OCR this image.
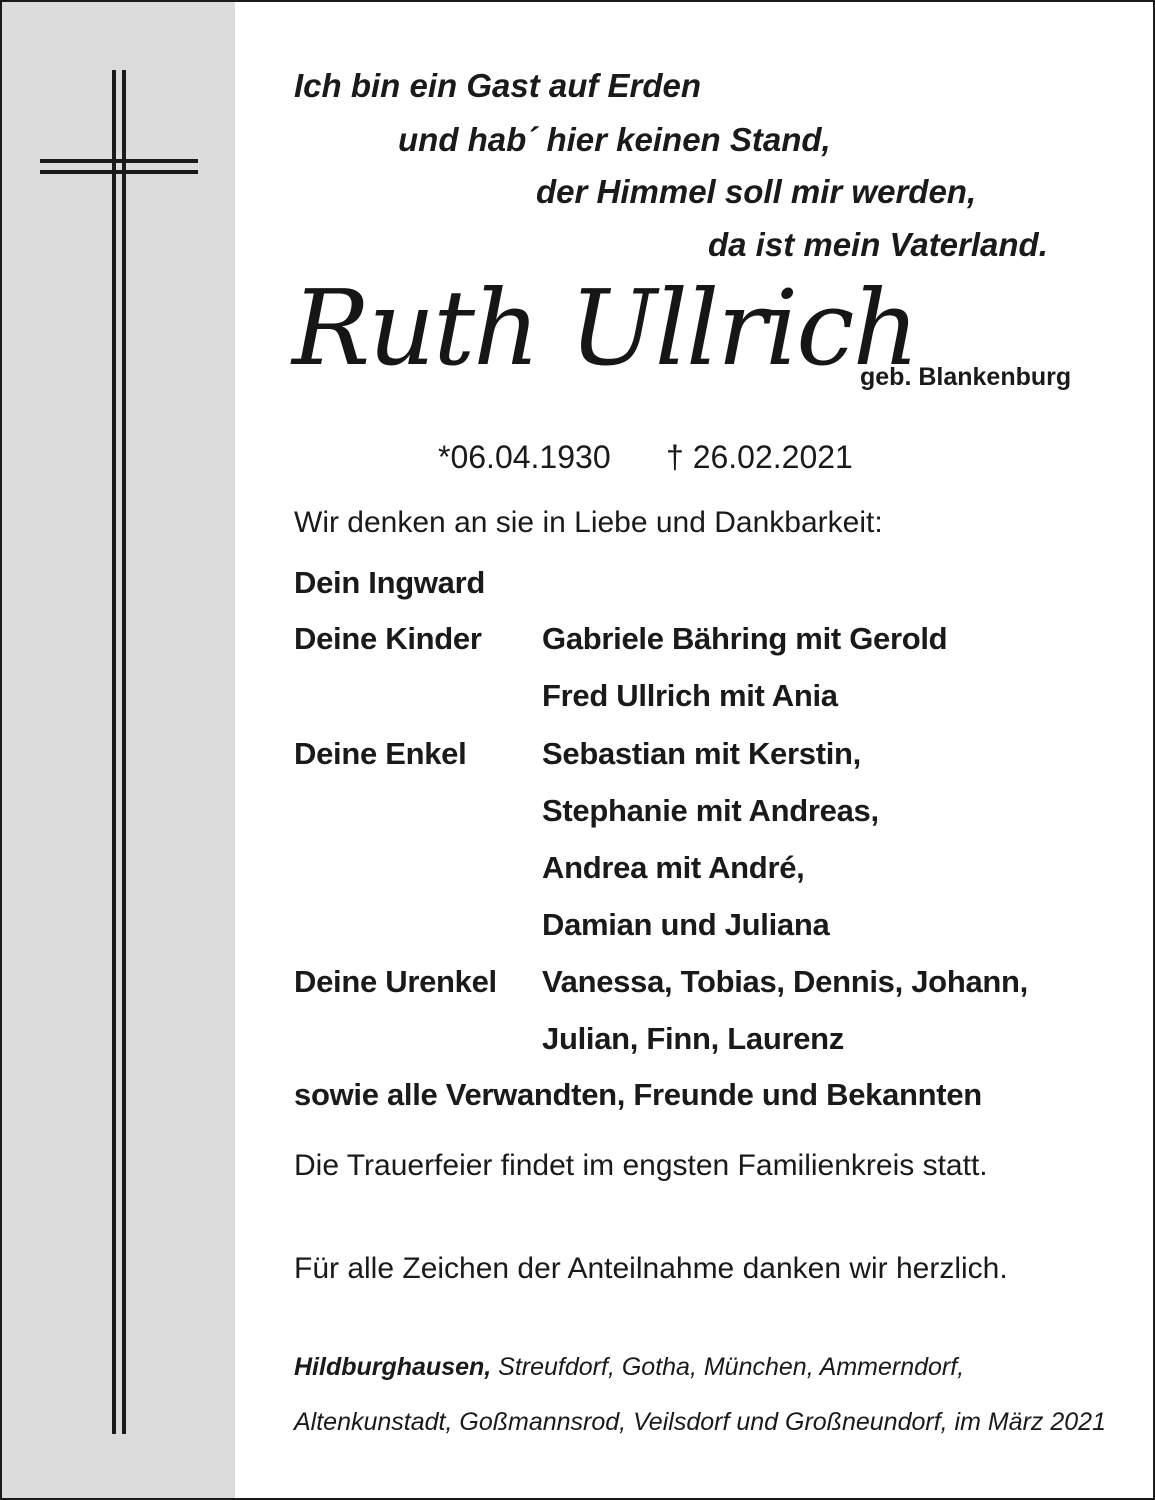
Ich bin ein Gast auf Erden
und hab´ hier keinen Stand,
der Himmel soll mir werden,
da ist mein Vaterland.
Ruth Ullrich
geb. Blankenburg
*06.04.1930 † 26.02.2021
Wir denken an sie in Liebe und Dankbarkeit:
Dein Ingward
Deine Kinder Gabriele Bähring mit Gerold
Fred Ullrich mit Ania
Deine Enkel Sebastian mit Kerstin,
Stephanie mit Andreas,
Andrea mit André,
Damian und Juliana
Deine Urenkel Vanessa, Tobias, Dennis, Johann,
Julian, Finn, Laurenz
sowie alle Verwandten, Freunde und Bekannten
Die Trauerfeier findet im engsten Familienkreis statt.
Für alle Zeichen der Anteilnahme danken wir herzlich.
Hildburghausen, Streufdorf, Gotha, München, Ammerndorf,
Altenkunstadt, Goßmannsrod, Veilsdorf und Großneundorf, im März 2021
